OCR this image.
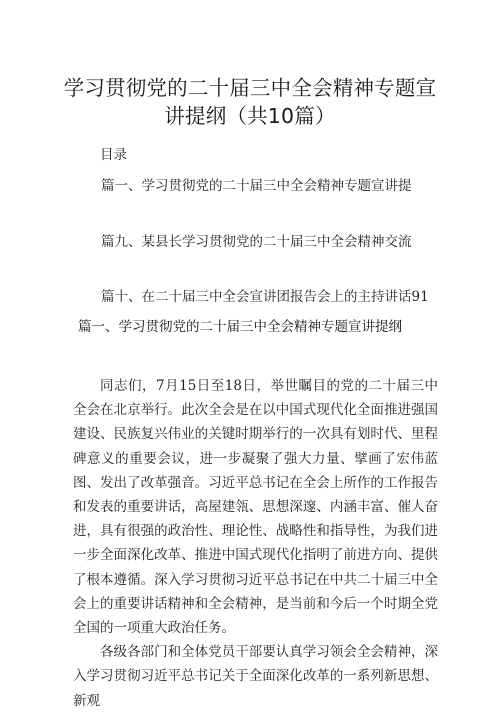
学习贯彻党的二十届三中全会精神专题宣
讲提纲（共10篇）
目录
篇一、学习贯彻党的二十届三中全会精神专题宣讲提
篇九、某县长学习贯彻党的二十届三中全会精神交流
篇十、在二十届三中全会宣讲团报告会上的主持讲话91
篇一、学习贯彻党的二十届三中全会精神专题宣讲提纲

同志们，7月15日至18日，举世瞩目的党的二十届三中全会在北京举行。此次全会是在以中国式现代化全面推进强国建设、民族复兴伟业的关键时期举行的一次具有划时代、里程碑意义的重要会议，进一步凝聚了强大力量、擘画了宏伟蓝图、发出了改革强音。习近平总书记在全会上所作的工作报告和发表的重要讲话，高屋建瓴、思想深邃、内涵丰富、催人奋进，具有很强的政治性、理论性、战略性和指导性，为我们进一步全面深化改革、推进中国式现代化指明了前进方向、提供了根本遵循。深入学习贯彻习近平总书记在中共二十届三中全会上的重要讲话精神和全会精神，是当前和今后一个时期全党全国的一项重大政治任务。

各级各部门和全体党员干部要认真学习领会全会精神，深入学习贯彻习近平总书记关于全面深化改革的一系列新思想、新观
